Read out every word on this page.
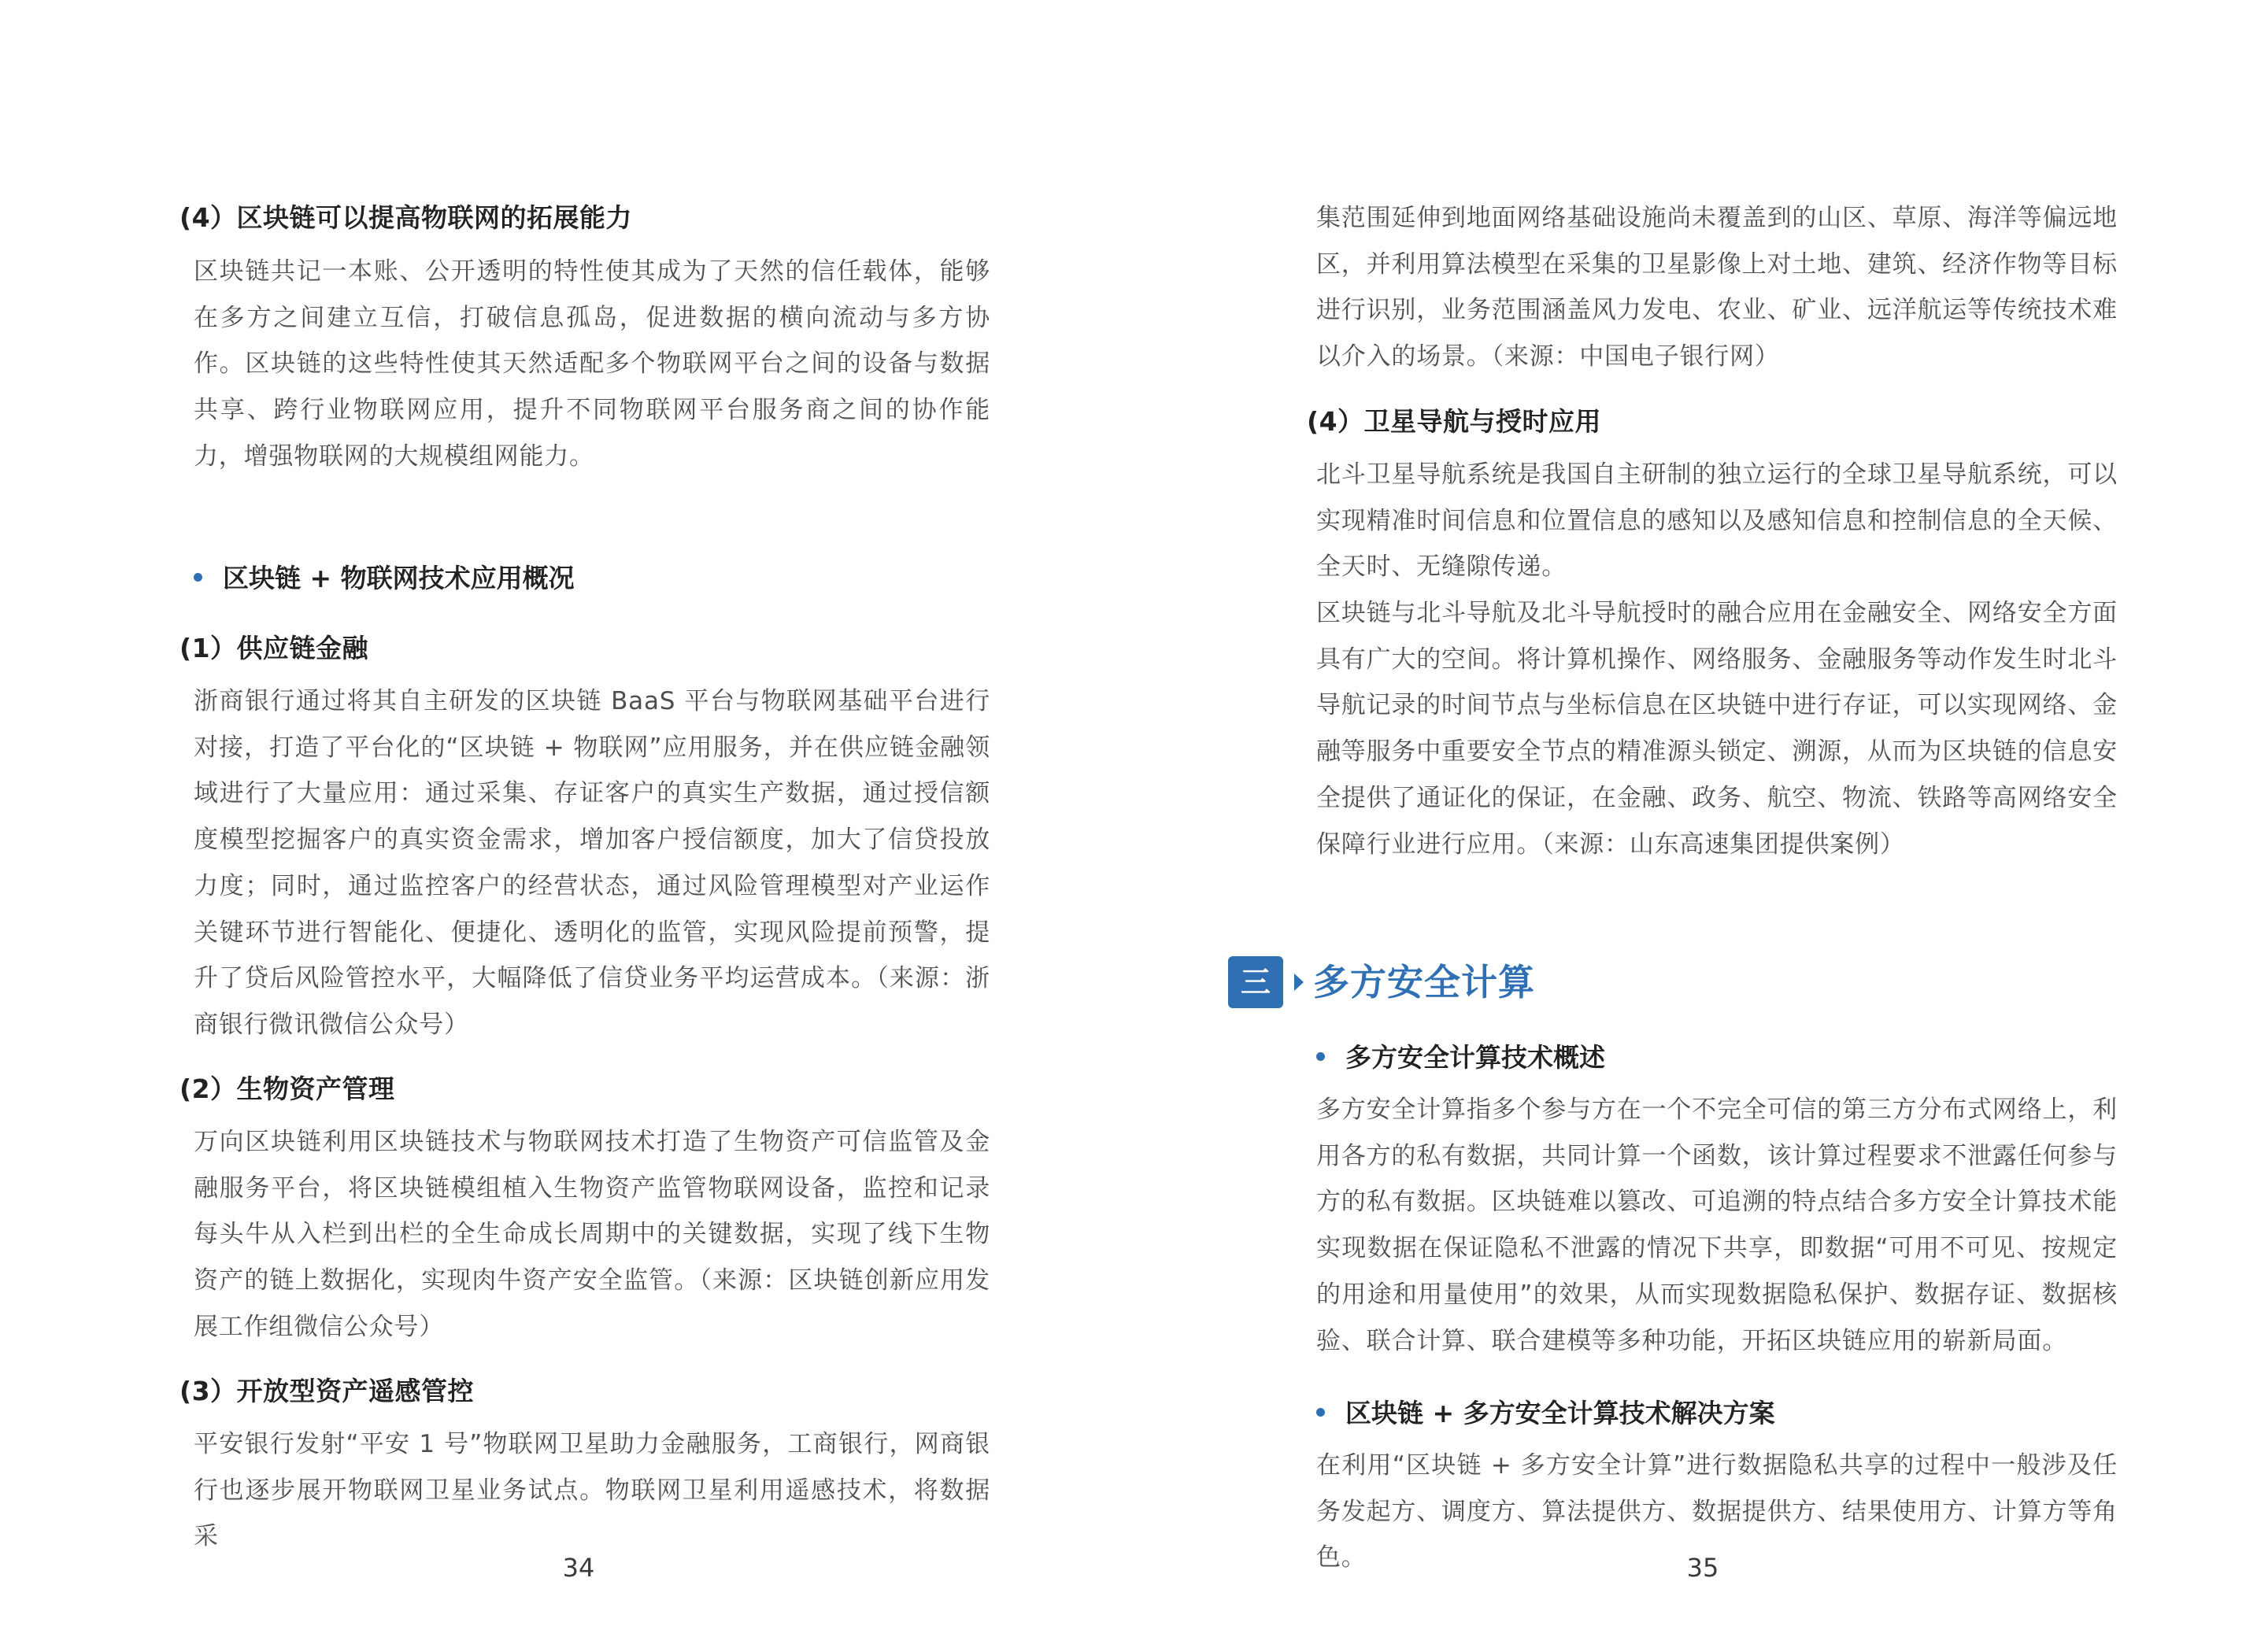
(4）区块链可以提高物联网的拓展能力

区块链共记一本账、公开透明的特性使其成为了天然的信任载体，能够在多方之间建立互信，打破信息孤岛，促进数据的横向流动与多方协作。区块链的这些特性使其天然适配多个物联网平台之间的设备与数据共享、跨行业物联网应用，提升不同物联网平台服务商之间的协作能力，增强物联网的大规模组网能力。

区块链 + 物联网技术应用概况
(1）供应链金融

浙商银行通过将其自主研发的区块链 BaaS 平台与物联网基础平台进行对接，打造了平台化的“区块链 + 物联网”应用服务，并在供应链金融领域进行了大量应用：通过采集、存证客户的真实生产数据，通过授信额度模型挖掘客户的真实资金需求，增加客户授信额度，加大了信贷投放力度；同时，通过监控客户的经营状态，通过风险管理模型对产业运作关键环节进行智能化、便捷化、透明化的监管，实现风险提前预警，提升了贷后风险管控水平，大幅降低了信贷业务平均运营成本。（来源：浙商银行微讯微信公众号）

(2）生物资产管理

万向区块链利用区块链技术与物联网技术打造了生物资产可信监管及金融服务平台，将区块链模组植入生物资产监管物联网设备，监控和记录每头牛从入栏到出栏的全生命成长周期中的关键数据，实现了线下生物资产的链上数据化，实现肉牛资产安全监管。（来源：区块链创新应用发展工作组微信公众号）

(3）开放型资产遥感管控

平安银行发射“平安 1 号”物联网卫星助力金融服务，工商银行，网商银行也逐步展开物联网卫星业务试点。物联网卫星利用遥感技术，将数据采

34

集范围延伸到地面网络基础设施尚未覆盖到的山区、草原、海洋等偏远地区，并利用算法模型在采集的卫星影像上对土地、建筑、经济作物等目标进行识别，业务范围涵盖风力发电、农业、矿业、远洋航运等传统技术难以介入的场景。（来源：中国电子银行网）

(4）卫星导航与授时应用

北斗卫星导航系统是我国自主研制的独立运行的全球卫星导航系统，可以实现精准时间信息和位置信息的感知以及感知信息和控制信息的全天候、全天时、无缝隙传递。

区块链与北斗导航及北斗导航授时的融合应用在金融安全、网络安全方面具有广大的空间。将计算机操作、网络服务、金融服务等动作发生时北斗导航记录的时间节点与坐标信息在区块链中进行存证，可以实现网络、金融等服务中重要安全节点的精准源头锁定、溯源，从而为区块链的信息安全提供了通证化的保证，在金融、政务、航空、物流、铁路等高网络安全保障行业进行应用。（来源：山东高速集团提供案例）

多方安全计算技术概述

多方安全计算指多个参与方在一个不完全可信的第三方分布式网络上，利用各方的私有数据，共同计算一个函数，该计算过程要求不泄露任何参与方的私有数据。区块链难以篡改、可追溯的特点结合多方安全计算技术能实现数据在保证隐私不泄露的情况下共享，即数据“可用不可见、按规定的用途和用量使用”的效果，从而实现数据隐私保护、数据存证、数据核验、联合计算、联合建模等多种功能，开拓区块链应用的崭新局面。

区块链 + 多方安全计算技术解决方案

在利用“区块链 + 多方安全计算”进行数据隐私共享的过程中一般涉及任务发起方、调度方、算法提供方、数据提供方、结果使用方、计算方等角色。

三	多方安全计算
35
